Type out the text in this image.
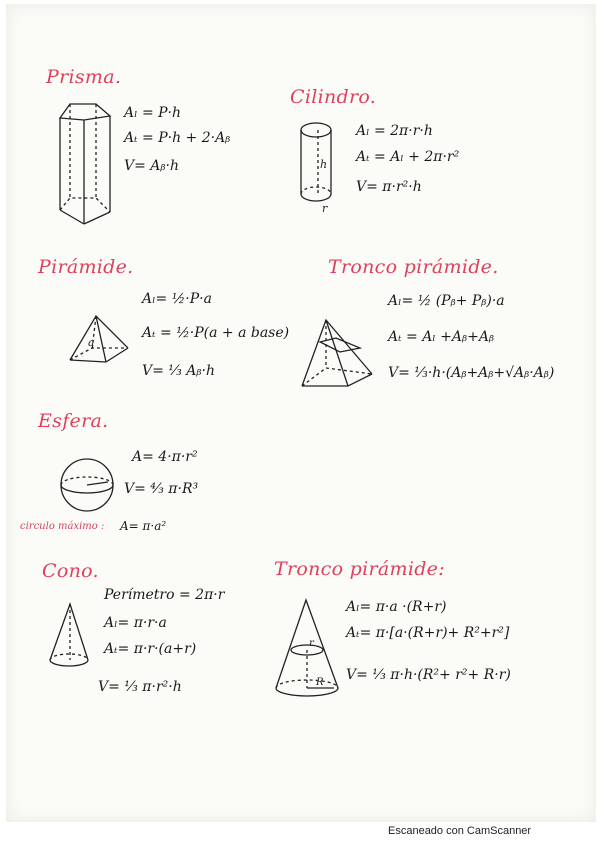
Prisma.

Aₗ = P·h

Aₜ = P·h + 2·Aᵦ

V= Aᵦ·h

Cilindro.
h
r

Aₗ = 2π·r·h

Aₜ = Aₗ + 2π·r²

V= π·r²·h

Pirámide.
a

Aₗ= ½·P·a

Aₜ = ½·P(a + a base)

V= ⅓ Aᵦ·h

Tronco pirámide.

Aₗ= ½ (Pᵦ+ Pᵦ)·a

Aₜ = Aₗ +Aᵦ+Aᵦ

V= ⅓·h·(Aᵦ+Aᵦ+√Aᵦ·Aᵦ)

Esfera.

A= 4·π·r²

V= ⁴⁄₃ π·R³

circulo máximo : A= π·a²

Cono.

Perímetro = 2π·r

Aₗ= π·r·a

Aₜ= π·r·(a+r)

V= ⅓ π·r²·h

Tronco pirámide:
r
R

Aₗ= π·a ·(R+r)

Aₜ= π·[a·(R+r)+ R²+r²]

V= ⅓ π·h·(R²+ r²+ R·r)

Escaneado con CamScanner
